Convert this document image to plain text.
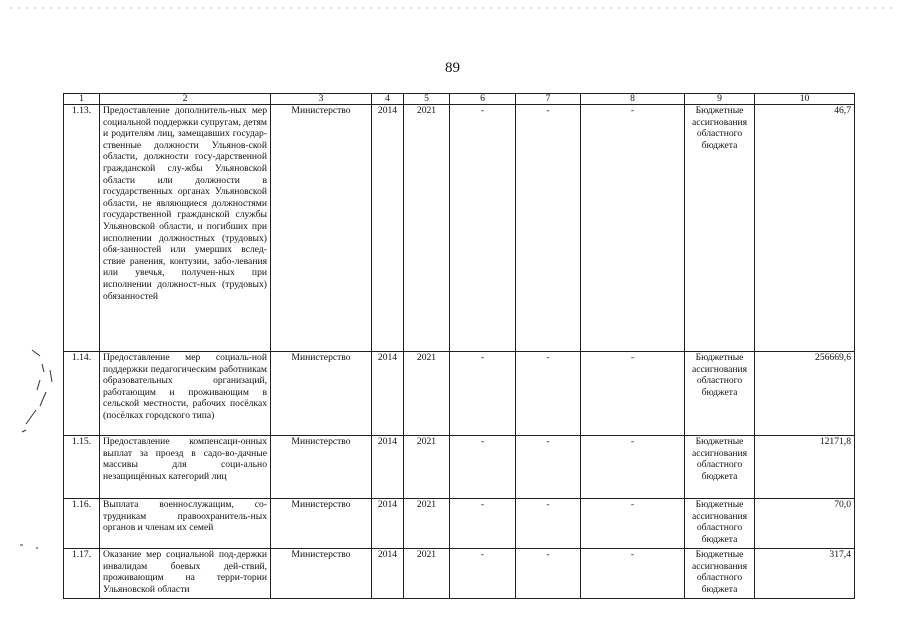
89
1	2	3	4	5	6	7	8	9	10
1.13.	Предоставление дополнитель-ных мер социальной поддержки супругам, детям и родителям лиц, замещавших государ-ственные должности Ульянов-ской области, должности госу-дарственной гражданской слу-жбы Ульяновской области или должности в государственных органах Ульяновской области, не являющиеся должностями государственной гражданской службы Ульяновской области, и погибших при исполнении должностных (трудовых) обя-занностей или умерших вслед-ствие ранения, контузии, забо-левания или увечья, получен-ных при исполнении должност-ных (трудовых) обязанностей	Министерство	2014	2021	-	-	-	Бюджетные ассигнования областного бюджета	46,7
1.14.	Предоставление мер социаль-ной поддержки педагогическим работникам образовательных организаций, работающим и проживающим в сельской местности, рабочих посёлках (посёлках городского типа)	Министерство	2014	2021	-	-	-	Бюджетные ассигнования областного бюджета	256669,6
1.15.	Предоставление компенсаци-онных выплат за проезд в садо-во-дачные массивы для соци-ально незащищённых категорий лиц	Министерство	2014	2021	-	-	-	Бюджетные ассигнования областного бюджета	12171,8
1.16.	Выплата военнослужащим, со-трудникам правоохранитель-ных органов и членам их семей	Министерство	2014	2021	-	-	-	Бюджетные ассигнования областного бюджета	70,0
1.17.	Оказание мер социальной под-держки инвалидам боевых дей-ствий, проживающим на терри-тории Ульяновской области	Министерство	2014	2021	-	-	-	Бюджетные ассигнования областного бюджета	317,4
